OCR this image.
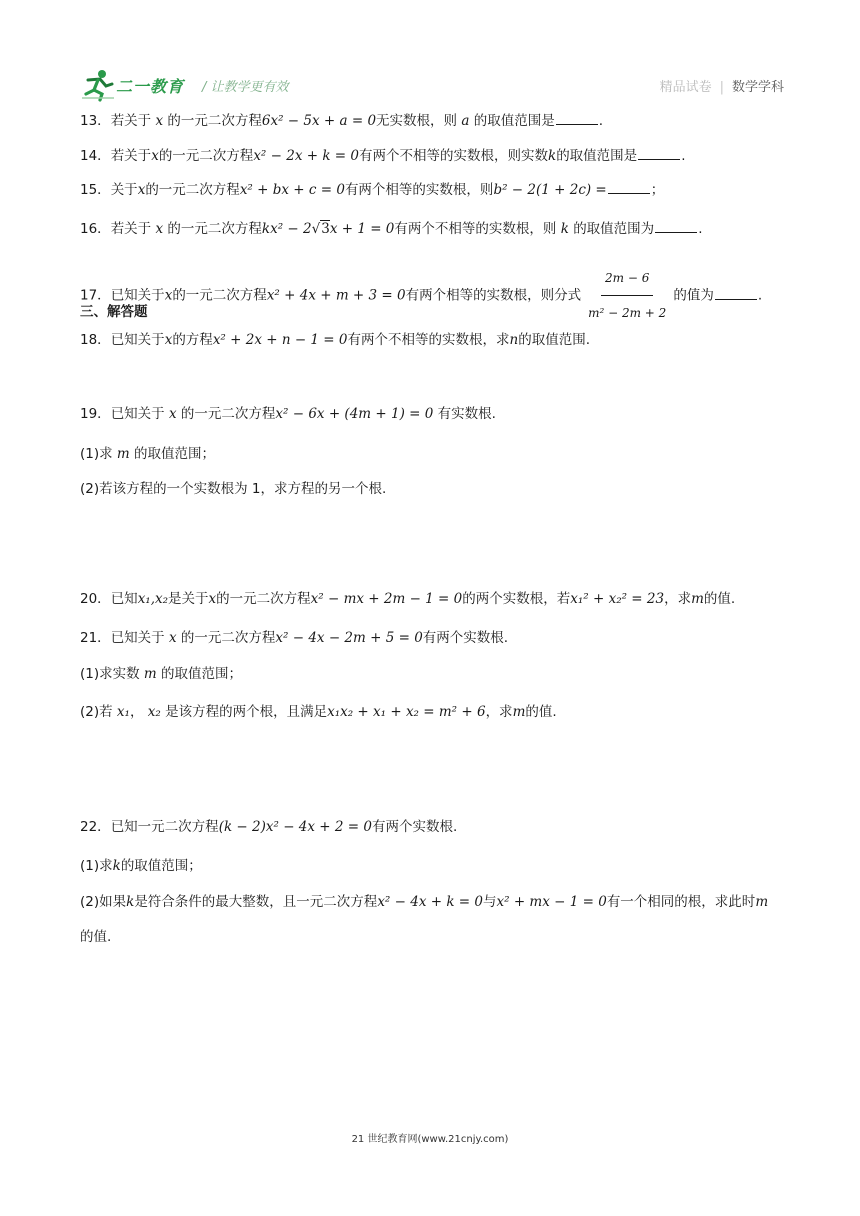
二一教育 / 让教学更有效	精品试卷 | 数学学科
13．若关于 x 的一元二次方程6x² − 5x + a = 0无实数根，则 a 的取值范围是	.
14．若关于x的一元二次方程x² − 2x + k = 0有两个不相等的实数根，则实数k的取值范围是	.
15．关于x的一元二次方程x² + bx + c = 0有两个相等的实数根，则b² − 2(1 + 2c) =	；
16．若关于 x 的一元二次方程kx² − 2√3x + 1 = 0有两个不相等的实数根，则 k 的取值范围为	.
17．已知关于x的一元二次方程x² + 4x + m + 3 = 0有两个相等的实数根，则分式 $\frac{2m - 6}{\text{m² − 2m + 2}}$ 的值为	.
三、解答题
18．已知关于x的方程x² + 2x + n − 1 = 0有两个不相等的实数根，求n的取值范围.
19．已知关于 x 的一元二次方程x² − 6x + (4m + 1) = 0 有实数根.
(1)求 m 的取值范围；
(2)若该方程的一个实数根为 1，求方程的另一个根.
20．已知x₁,x₂是关于x的一元二次方程x² − mx + 2m − 1 = 0的两个实数根，若x₁² + x₂² = 23，求m的值.
21．已知关于 x 的一元二次方程x² − 4x − 2m + 5 = 0有两个实数根.
(1)求实数 m 的取值范围；
(2)若 x₁， x₂ 是该方程的两个根，且满足x₁x₂ + x₁ + x₂ = m² + 6，求m的值.
22．已知一元二次方程(k − 2)x² − 4x + 2 = 0有两个实数根.
(1)求k的取值范围；
(2)如果k是符合条件的最大整数，且一元二次方程x² − 4x + k = 0与x² + mx − 1 = 0有一个相同的根，求此时m
的值.
21 世纪教育网(www.21cnjy.com)
